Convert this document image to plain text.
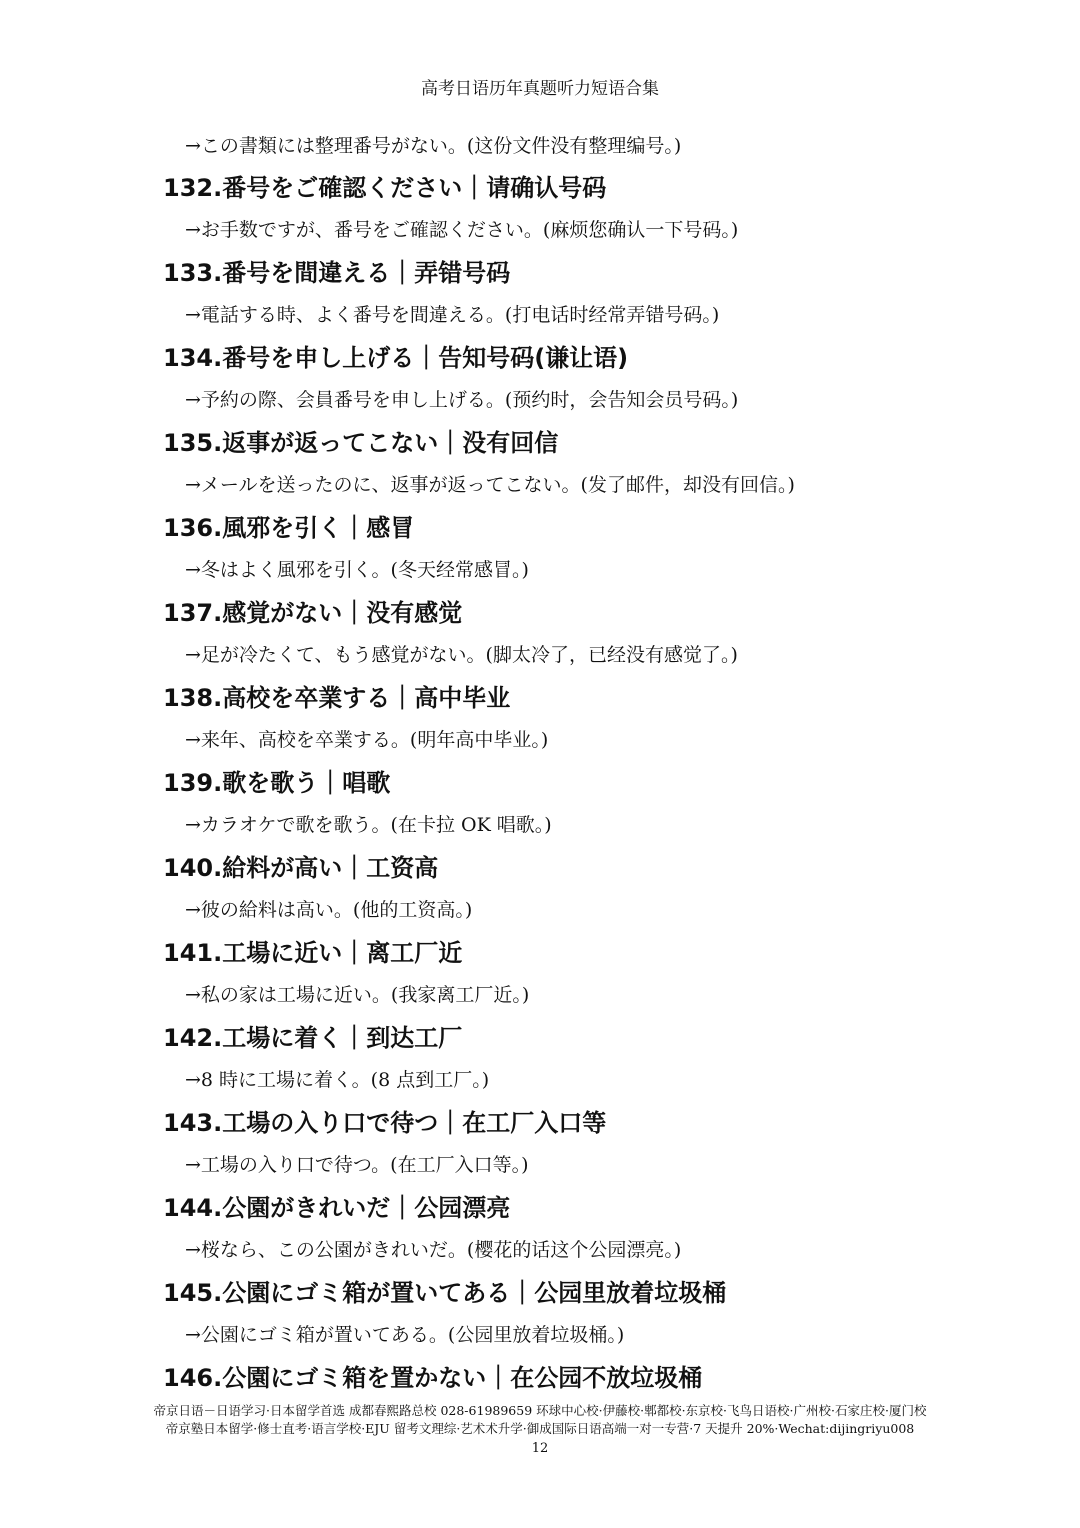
高考日语历年真题听力短语合集
→この書類には整理番号がない。(这份文件没有整理编号。)
132.番号をご確認ください｜请确认号码
→お手数ですが、番号をご確認ください。(麻烦您确认一下号码。)
133.番号を間違える｜弄错号码
→電話する時、よく番号を間違える。(打电话时经常弄错号码。)
134.番号を申し上げる｜告知号码(谦让语)
→予約の際、会員番号を申し上げる。(预约时，会告知会员号码。)
135.返事が返ってこない｜没有回信
→メールを送ったのに、返事が返ってこない。(发了邮件，却没有回信。)
136.風邪を引く｜感冒
→冬はよく風邪を引く。(冬天经常感冒。)
137.感覚がない｜没有感觉
→足が冷たくて、もう感覚がない。(脚太冷了，已经没有感觉了。)
138.高校を卒業する｜高中毕业
→来年、高校を卒業する。(明年高中毕业。)
139.歌を歌う｜唱歌
→カラオケで歌を歌う。(在卡拉 OK 唱歌。)
140.給料が高い｜工资高
→彼の給料は高い。(他的工资高。)
141.工場に近い｜离工厂近
→私の家は工場に近い。(我家离工厂近。)
142.工場に着く｜到达工厂
→8 時に工場に着く。(8 点到工厂。)
143.工場の入り口で待つ｜在工厂入口等
→工場の入り口で待つ。(在工厂入口等。)
144.公園がきれいだ｜公园漂亮
→桜なら、この公園がきれいだ。(樱花的话这个公园漂亮。)
145.公園にゴミ箱が置いてある｜公园里放着垃圾桶
→公園にゴミ箱が置いてある。(公园里放着垃圾桶。)
146.公園にゴミ箱を置かない｜在公园不放垃圾桶
帝京日语－日语学习·日本留学首选 成都春熙路总校 028-61989659 环球中心校·伊藤校·郫都校·东京校·飞鸟日语校·广州校·石家庄校·厦门校
帝京塾日本留学·修士直考·语言学校·EJU 留考文理综·艺术术升学·御成国际日语高端一对一专营·7 天提升 20%·Wechat:dijingriyu008
12
